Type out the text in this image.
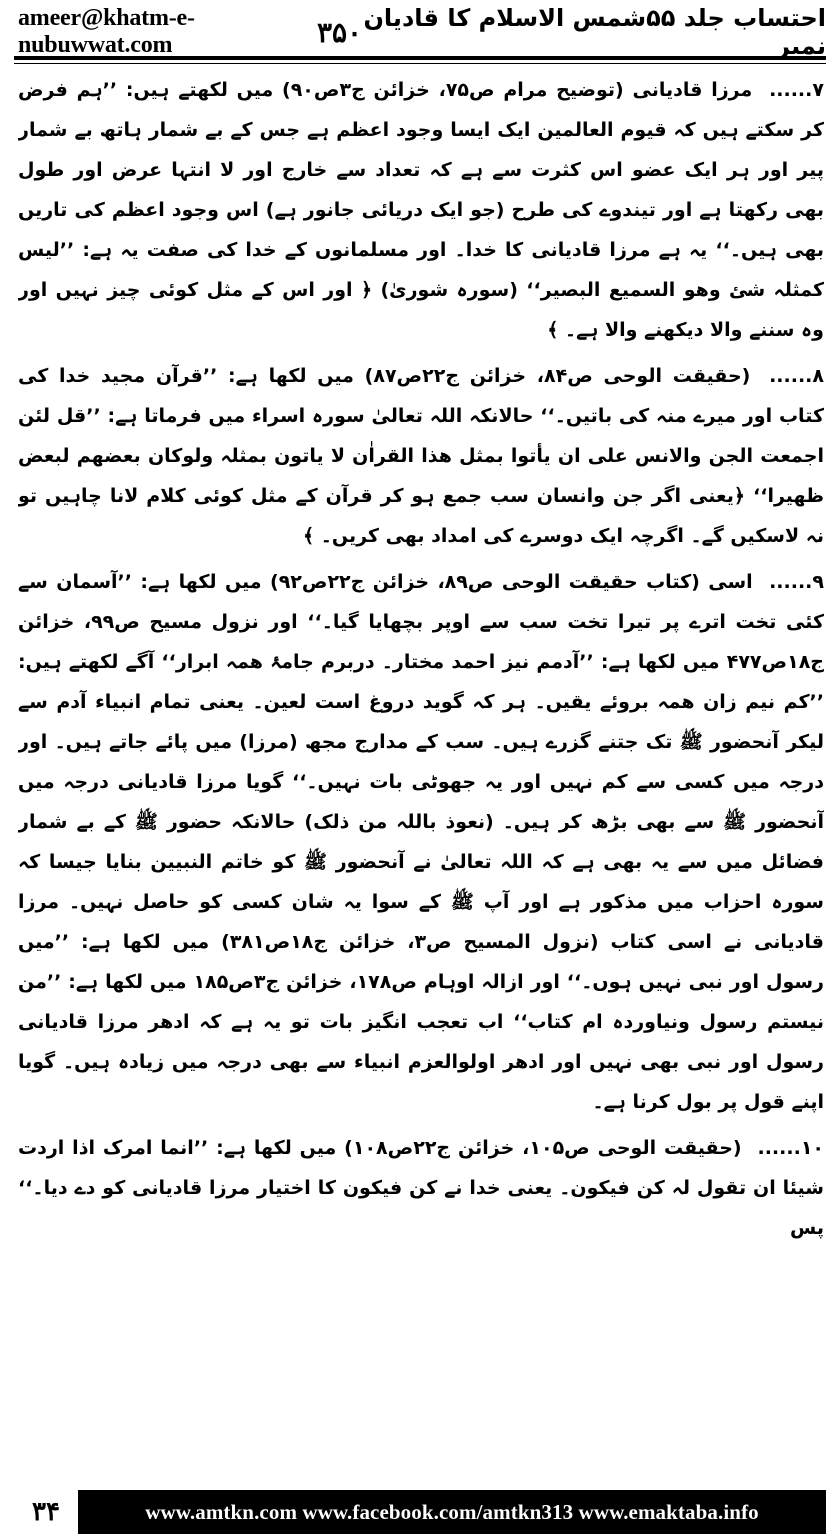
ameer@khatm-e-nubuwwat.com	۳۵۰ احتساب جلد ۵۵شمس الاسلام کا قادیان نمبر

۷...... مرزا قادیانی (توضیح مرام ص۷۵، خزائن ج۳ص۹۰) میں لکھتے ہیں: ’’ہم فرض کر سکتے ہیں کہ قیوم العالمین ایک ایسا وجود اعظم ہے جس کے بے شمار ہاتھ بے شمار پیر اور ہر ایک عضو اس کثرت سے ہے کہ تعداد سے خارج اور لا انتہا عرض اور طول بھی رکھتا ہے اور تیندوے کی طرح (جو ایک دریائی جانور ہے) اس وجود اعظم کی تاریں بھی ہیں۔‘‘ یہ ہے مرزا قادیانی کا خدا۔ اور مسلمانوں کے خدا کی صفت یہ ہے: ’’لیس کمثلہ شئ وھو السمیع البصیر‘‘ (سورہ شوریٰ) ﴿ اور اس کے مثل کوئی چیز نہیں اور وہ سننے والا دیکھنے والا ہے۔ ﴾

۸...... (حقیقت الوحی ص۸۴، خزائن ج۲۲ص۸۷) میں لکھا ہے: ’’قرآن مجید خدا کی کتاب اور میرے منہ کی باتیں۔‘‘ حالانکہ اللہ تعالیٰ سورہ اسراء میں فرماتا ہے: ’’قل لئن اجمعت الجن والانس علی ان یأتوا بمثل ھذا القراٰن لا یاتون بمثلہ ولوکان بعضھم لبعض ظھیرا‘‘ ﴿یعنی اگر جن وانسان سب جمع ہو کر قرآن کے مثل کوئی کلام لانا چاہیں تو نہ لاسکیں گے۔ اگرچہ ایک دوسرے کی امداد بھی کریں۔ ﴾

۹...... اسی (کتاب حقیقت الوحی ص۸۹، خزائن ج۲۲ص۹۲) میں لکھا ہے: ’’آسمان سے کئی تخت اترے پر تیرا تخت سب سے اوپر بچھایا گیا۔‘‘ اور نزول مسیح ص۹۹، خزائن ج۱۸ص۴۷۷ میں لکھا ہے: ’’آدمم نیز احمد مختار۔ دربرم جامۂ ھمہ ابرار‘‘ آگے لکھتے ہیں: ’’کم نیم زان ھمہ بروئے یقیں۔ ہر کہ گوید دروغ است لعین۔ یعنی تمام انبیاء آدم سے لیکر آنحضور ﷺ تک جتنے گزرے ہیں۔ سب کے مدارج مجھ (مرزا) میں پائے جاتے ہیں۔ اور درجہ میں کسی سے کم نہیں اور یہ جھوٹی بات نہیں۔‘‘ گویا مرزا قادیانی درجہ میں آنحضور ﷺ سے بھی بڑھ کر ہیں۔ (نعوذ باللہ من ذلک) حالانکہ حضور ﷺ کے بے شمار فضائل میں سے یہ بھی ہے کہ اللہ تعالیٰ نے آنحضور ﷺ کو خاتم النبیین بنایا جیسا کہ سورہ احزاب میں مذکور ہے اور آپ ﷺ کے سوا یہ شان کسی کو حاصل نہیں۔ مرزا قادیانی نے اسی کتاب (نزول المسیح ص۳، خزائن ج۱۸ص۳۸۱) میں لکھا ہے: ’’میں رسول اور نبی نہیں ہوں۔‘‘ اور ازالہ اوہام ص۱۷۸، خزائن ج۳ص۱۸۵ میں لکھا ہے: ’’من نیستم رسول ونیاوردہ ام کتاب‘‘ اب تعجب انگیز بات تو یہ ہے کہ ادھر مرزا قادیانی رسول اور نبی بھی نہیں اور ادھر اولوالعزم انبیاء سے بھی درجہ میں زیادہ ہیں۔ گویا اپنے قول پر بول کرنا ہے۔

۱۰...... (حقیقت الوحی ص۱۰۵، خزائن ج۲۲ص۱۰۸) میں لکھا ہے: ’’انما امرک اذا اردت شیئا ان تقول لہ کن فیکون۔ یعنی خدا نے کن فیکون کا اختیار مرزا قادیانی کو دے دیا۔‘‘ پس

۳۴	www.amtkn.com www.facebook.com/amtkn313 www.emaktaba.info
